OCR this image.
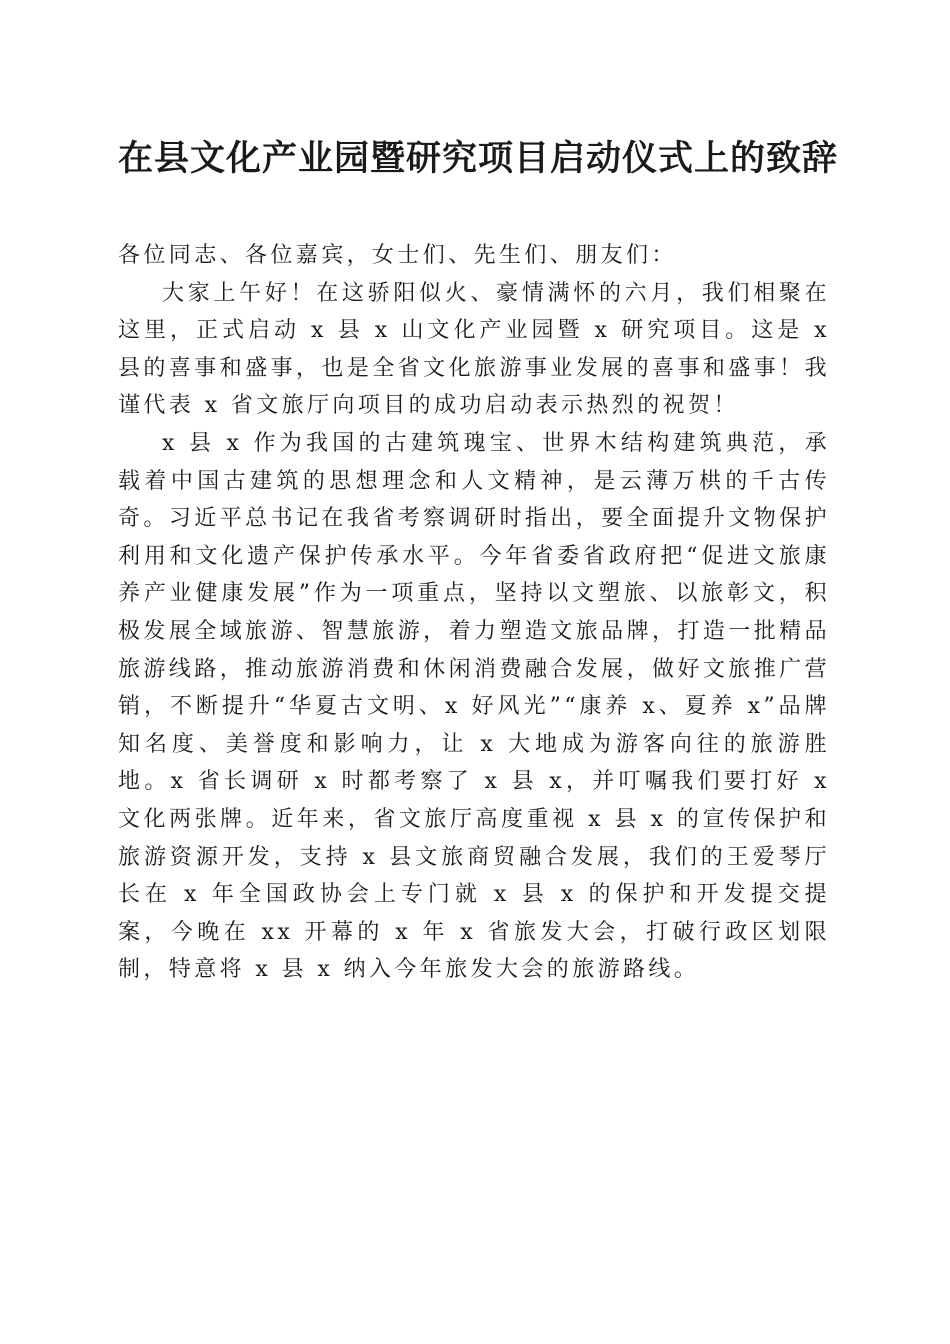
在县文化产业园暨研究项目启动仪式上的致辞

各位同志、各位嘉宾，女士们、先生们、朋友们：

大家上午好！在这骄阳似火、豪情满怀的六月，我们相聚在这里，正式启动 x 县 x 山文化产业园暨 x 研究项目。这是 x 县的喜事和盛事，也是全省文化旅游事业发展的喜事和盛事！我谨代表 x 省文旅厅向项目的成功启动表示热烈的祝贺！

x 县 x 作为我国的古建筑瑰宝、世界木结构建筑典范，承载着中国古建筑的思想理念和人文精神，是云薄万栱的千古传奇。习近平总书记在我省考察调研时指出，要全面提升文物保护利用和文化遗产保护传承水平。今年省委省政府把“促进文旅康养产业健康发展”作为一项重点，坚持以文塑旅、以旅彰文，积极发展全域旅游、智慧旅游，着力塑造文旅品牌，打造一批精品旅游线路，推动旅游消费和休闲消费融合发展，做好文旅推广营销，不断提升“华夏古文明、x 好风光”“康养 x、夏养 x”品牌知名度、美誉度和影响力，让 x 大地成为游客向往的旅游胜地。x 省长调研 x 时都考察了 x 县 x，并叮嘱我们要打好 x 文化两张牌。近年来，省文旅厅高度重视 x 县 x 的宣传保护和旅游资源开发，支持 x 县文旅商贸融合发展，我们的王爱琴厅长在 x 年全国政协会上专门就 x 县 x 的保护和开发提交提案，今晚在 xx 开幕的 x 年 x 省旅发大会，打破行政区划限制，特意将 x 县 x 纳入今年旅发大会的旅游路线。
